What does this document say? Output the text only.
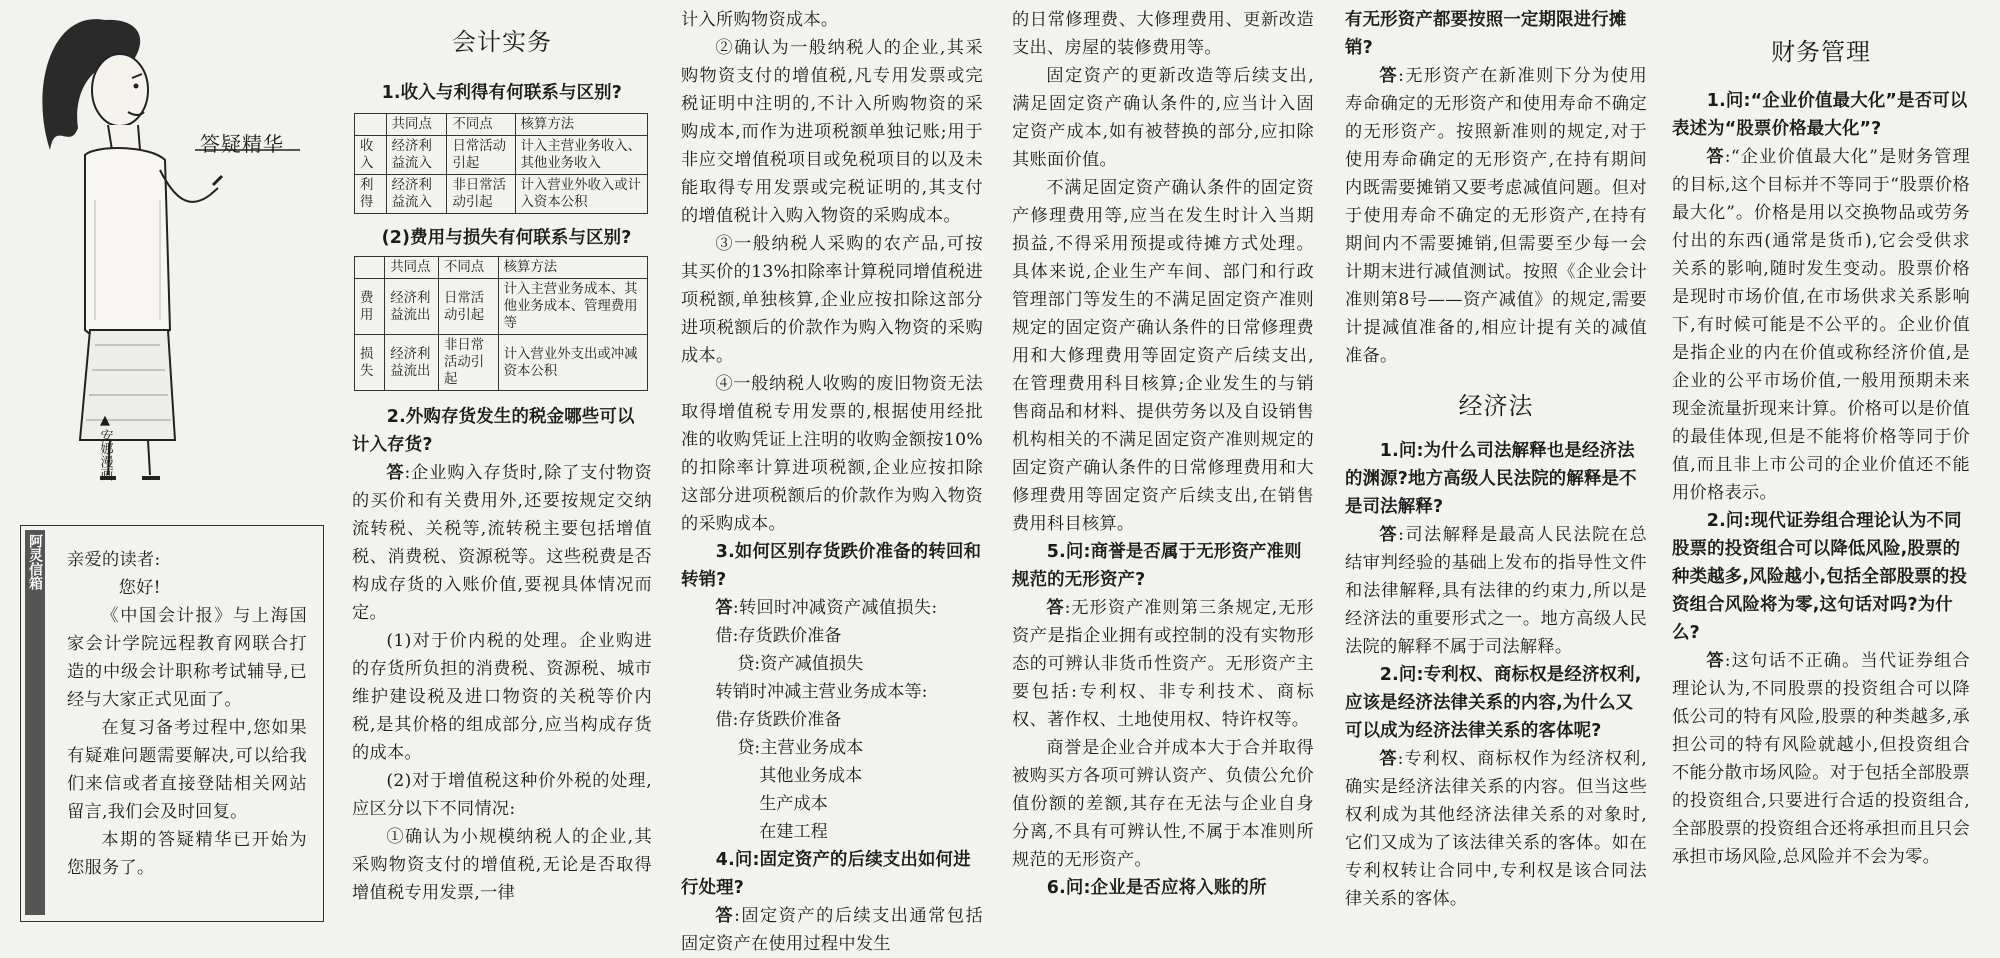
答疑精华
▲
安娜漫画
阿灵信箱 亲爱的读者:

您好!

《中国会计报》与上海国家会计学院远程教育网联合打造的中级会计职称考试辅导,已经与大家正式见面了。

在复习备考过程中,您如果有疑难问题需要解决,可以给我们来信或者直接登陆相关网站留言,我们会及时回复。

本期的答疑精华已开始为您服务了。

会计实务

1.收入与利得有何联系与区别?

	共同点	不同点	核算方法
收入	经济利益流入	日常活动引起	计入主营业务收入、其他业务收入
利得	经济利益流入	非日常活动引起	计入营业外收入或计入资本公积

(2)费用与损失有何联系与区别?

	共同点	不同点	核算方法
费用	经济利益流出	日常活动引起	计入主营业务成本、其他业务成本、管理费用等
损失	经济利益流出	非日常活动引起	计入营业外支出或冲减资本公积

2.外购存货发生的税金哪些可以计入存货?

答:企业购入存货时,除了支付物资的买价和有关费用外,还要按规定交纳流转税、关税等,流转税主要包括增值税、消费税、资源税等。这些税费是否构成存货的入账价值,要视具体情况而定。

(1)对于价内税的处理。企业购进的存货所负担的消费税、资源税、城市维护建设税及进口物资的关税等价内税,是其价格的组成部分,应当构成存货的成本。

(2)对于增值税这种价外税的处理,应区分以下不同情况:

①确认为小规模纳税人的企业,其采购物资支付的增值税,无论是否取得增值税专用发票,一律

计入所购物资成本。

②确认为一般纳税人的企业,其采购物资支付的增值税,凡专用发票或完税证明中注明的,不计入所购物资的采购成本,而作为进项税额单独记账;用于非应交增值税项目或免税项目的以及未能取得专用发票或完税证明的,其支付的增值税计入购入物资的采购成本。

③一般纳税人采购的农产品,可按其买价的13%扣除率计算税同增值税进项税额,单独核算,企业应按扣除这部分进项税额后的价款作为购入物资的采购成本。

④一般纳税人收购的废旧物资无法取得增值税专用发票的,根据使用经批准的收购凭证上注明的收购金额按10%的扣除率计算进项税额,企业应按扣除这部分进项税额后的价款作为购入物资的采购成本。

3.如何区别存货跌价准备的转回和转销?

答:转回时冲减资产减值损失:

借:存货跌价准备

贷:资产减值损失

转销时冲减主营业务成本等:

借:存货跌价准备

贷:主营业务成本

其他业务成本

生产成本

在建工程

4.问:固定资产的后续支出如何进行处理?

答:固定资产的后续支出通常包括固定资产在使用过程中发生

的日常修理费、大修理费用、更新改造支出、房屋的装修费用等。

固定资产的更新改造等后续支出,满足固定资产确认条件的,应当计入固定资产成本,如有被替换的部分,应扣除其账面价值。

不满足固定资产确认条件的固定资产修理费用等,应当在发生时计入当期损益,不得采用预提或待摊方式处理。具体来说,企业生产车间、部门和行政管理部门等发生的不满足固定资产准则规定的固定资产确认条件的日常修理费用和大修理费用等固定资产后续支出,在管理费用科目核算;企业发生的与销售商品和材料、提供劳务以及自设销售机构相关的不满足固定资产准则规定的固定资产确认条件的日常修理费用和大修理费用等固定资产后续支出,在销售费用科目核算。

5.问:商誉是否属于无形资产准则规范的无形资产?

答:无形资产准则第三条规定,无形资产是指企业拥有或控制的没有实物形态的可辨认非货币性资产。无形资产主要包括:专利权、非专利技术、商标权、著作权、土地使用权、特许权等。

商誉是企业合并成本大于合并取得被购买方各项可辨认资产、负债公允价值份额的差额,其存在无法与企业自身分离,不具有可辨认性,不属于本准则所规范的无形资产。

6.问:企业是否应将入账的所

有无形资产都要按照一定期限进行摊销?

答:无形资产在新准则下分为使用寿命确定的无形资产和使用寿命不确定的无形资产。按照新准则的规定,对于使用寿命确定的无形资产,在持有期间内既需要摊销又要考虑减值问题。但对于使用寿命不确定的无形资产,在持有期间内不需要摊销,但需要至少每一会计期末进行减值测试。按照《企业会计准则第8号——资产减值》的规定,需要计提减值准备的,相应计提有关的减值准备。

经济法

1.问:为什么司法解释也是经济法的渊源?地方高级人民法院的解释是不是司法解释?

答:司法解释是最高人民法院在总结审判经验的基础上发布的指导性文件和法律解释,具有法律的约束力,所以是经济法的重要形式之一。地方高级人民法院的解释不属于司法解释。

2.问:专利权、商标权是经济权利,应该是经济法律关系的内容,为什么又可以成为经济法律关系的客体呢?

答:专利权、商标权作为经济权利,确实是经济法律关系的内容。但当这些权利成为其他经济法律关系的对象时,它们又成为了该法律关系的客体。如在专利权转让合同中,专利权是该合同法律关系的客体。

财务管理

1.问:“企业价值最大化”是否可以表述为“股票价格最大化”?

答:“企业价值最大化”是财务管理的目标,这个目标并不等同于“股票价格最大化”。价格是用以交换物品或劳务付出的东西(通常是货币),它会受供求关系的影响,随时发生变动。股票价格是现时市场价值,在市场供求关系影响下,有时候可能是不公平的。企业价值是指企业的内在价值或称经济价值,是企业的公平市场价值,一般用预期未来现金流量折现来计算。价格可以是价值的最佳体现,但是不能将价格等同于价值,而且非上市公司的企业价值还不能用价格表示。

2.问:现代证券组合理论认为不同股票的投资组合可以降低风险,股票的种类越多,风险越小,包括全部股票的投资组合风险将为零,这句话对吗?为什么?

答:这句话不正确。当代证券组合理论认为,不同股票的投资组合可以降低公司的特有风险,股票的种类越多,承担公司的特有风险就越小,但投资组合不能分散市场风险。对于包括全部股票的投资组合,只要进行合适的投资组合,全部股票的投资组合还将承担而且只会承担市场风险,总风险并不会为零。
